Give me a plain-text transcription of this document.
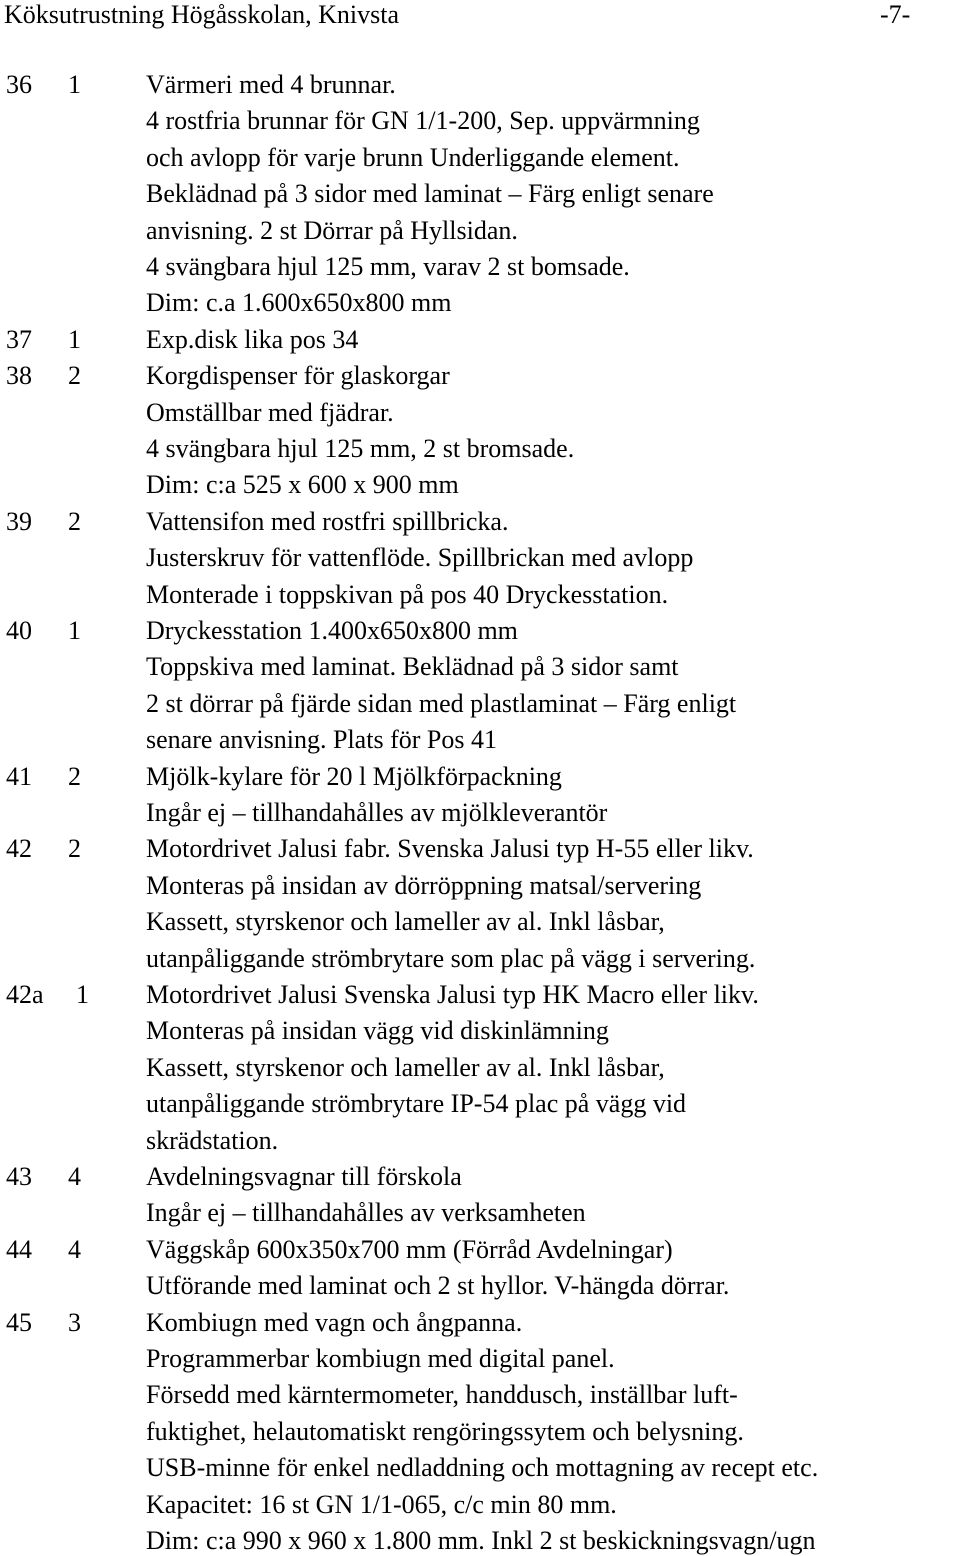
Köksutrustning Högåsskolan, Knivsta	-7-
36 1	Värmeri med 4 brunnar.
4 rostfria brunnar för GN 1/1-200, Sep. uppvärmning
och avlopp för varje brunn Underliggande element.
Beklädnad på 3 sidor med laminat – Färg enligt senare
anvisning. 2 st Dörrar på Hyllsidan.
4 svängbara hjul 125 mm, varav 2 st bomsade.
Dim: c.a 1.600x650x800 mm
37 1	Exp.disk lika pos 34
38 2	Korgdispenser för glaskorgar
Omställbar med fjädrar.
4 svängbara hjul 125 mm, 2 st bromsade.
Dim: c:a 525 x 600 x 900 mm
39 2	Vattensifon med rostfri spillbricka.
Justerskruv för vattenflöde. Spillbrickan med avlopp
Monterade i toppskivan på pos 40 Dryckesstation.
40 1	Dryckesstation 1.400x650x800 mm
Toppskiva med laminat. Beklädnad på 3 sidor samt
2 st dörrar på fjärde sidan med plastlaminat – Färg enligt
senare anvisning. Plats för Pos 41
41 2	Mjölk-kylare för 20 l Mjölkförpackning
Ingår ej – tillhandahålles av mjölkleverantör
42 2	Motordrivet Jalusi fabr. Svenska Jalusi typ H-55 eller likv.
Monteras på insidan av dörröppning matsal/servering
Kassett, styrskenor och lameller av al. Inkl låsbar,
utanpåliggande strömbrytare som plac på vägg i servering.
42a 1 Motordrivet Jalusi Svenska Jalusi typ HK Macro eller likv.
Monteras på insidan vägg vid diskinlämning
Kassett, styrskenor och lameller av al. Inkl låsbar,
utanpåliggande strömbrytare IP-54 plac på vägg vid
skrädstation.
43 4	Avdelningsvagnar till förskola
Ingår ej – tillhandahålles av verksamheten
44 4	Väggskåp 600x350x700 mm (Förråd Avdelningar)
Utförande med laminat och 2 st hyllor. V-hängda dörrar.
45 3	Kombiugn med vagn och ångpanna.
Programmerbar kombiugn med digital panel.
Försedd med kärntermometer, handdusch, inställbar luft-
fuktighet, helautomatiskt rengöringssytem och belysning.
USB-minne för enkel nedladdning och mottagning av recept etc.
Kapacitet: 16 st GN 1/1-065, c/c min 80 mm.
Dim: c:a 990 x 960 x 1.800 mm. Inkl 2 st beskickningsvagn/ugn
